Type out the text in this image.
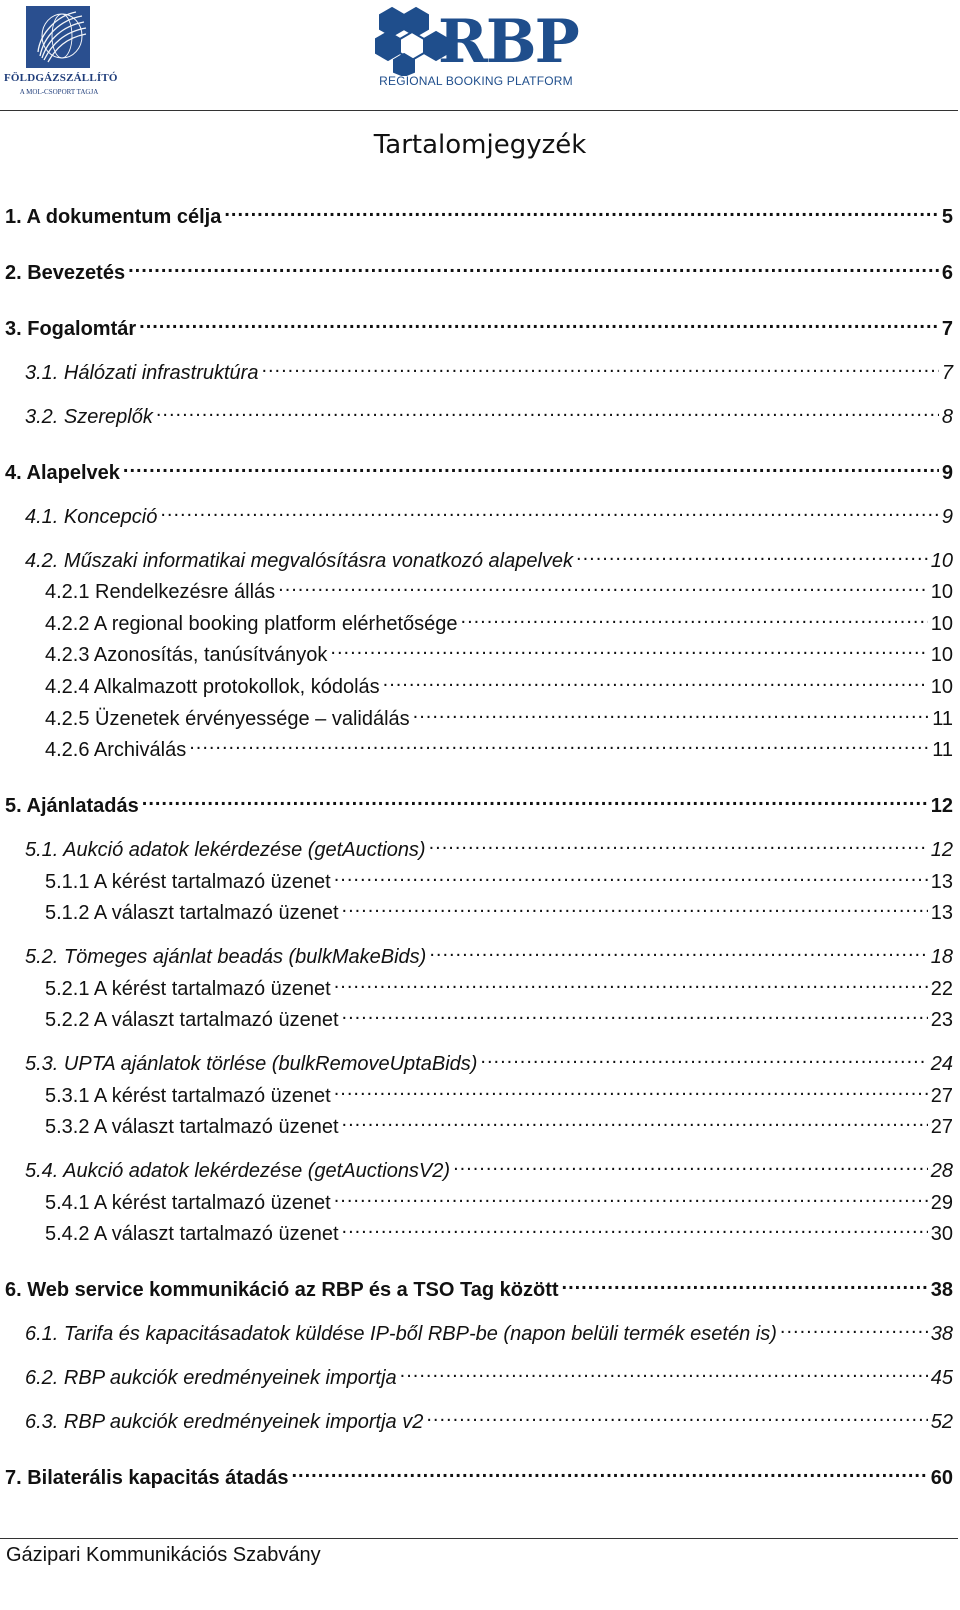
FÖLDGÁZSZÁLLÍTÓ
A MOL-CSOPORT TAGJA
RBP
REGIONAL BOOKING PLATFORM
Tartalomjegyzék
1. A dokumentum célja .....	5
2. Bevezetés .....	6
3. Fogalomtár .....	7
3.1. Hálózati infrastruktúra .....	7
3.2. Szereplők .....	8
4. Alapelvek .....	9
4.1. Koncepció .....	9
4.2. Műszaki informatikai megvalósításra vonatkozó alapelvek .....	10
4.2.1 Rendelkezésre állás .....	10
4.2.2 A regional booking platform elérhetősége .....	10
4.2.3 Azonosítás, tanúsítványok .....	10
4.2.4 Alkalmazott protokollok, kódolás .....	10
4.2.5 Üzenetek érvényessége – validálás .....	11
4.2.6 Archiválás .....	11
5. Ajánlatadás .....	12
5.1. Aukció adatok lekérdezése (getAuctions) .....	12
5.1.1 A kérést tartalmazó üzenet .....	13
5.1.2 A választ tartalmazó üzenet .....	13
5.2. Tömeges ajánlat beadás (bulkMakeBids) .....	18
5.2.1 A kérést tartalmazó üzenet .....	22
5.2.2 A választ tartalmazó üzenet .....	23
5.3. UPTA ajánlatok törlése (bulkRemoveUptaBids) .....	24
5.3.1 A kérést tartalmazó üzenet .....	27
5.3.2 A választ tartalmazó üzenet .....	27
5.4. Aukció adatok lekérdezése (getAuctionsV2) .....	28
5.4.1 A kérést tartalmazó üzenet .....	29
5.4.2 A választ tartalmazó üzenet .....	30
6. Web service kommunikáció az RBP és a TSO Tag között .....	38
6.1. Tarifa és kapacitásadatok küldése IP-ből RBP-be (napon belüli termék esetén is) .....	38
6.2. RBP aukciók eredményeinek importja .....	45
6.3. RBP aukciók eredményeinek importja v2 .....	52
7. Bilaterális kapacitás átadás .....	60
Gázipari Kommunikációs Szabvány
